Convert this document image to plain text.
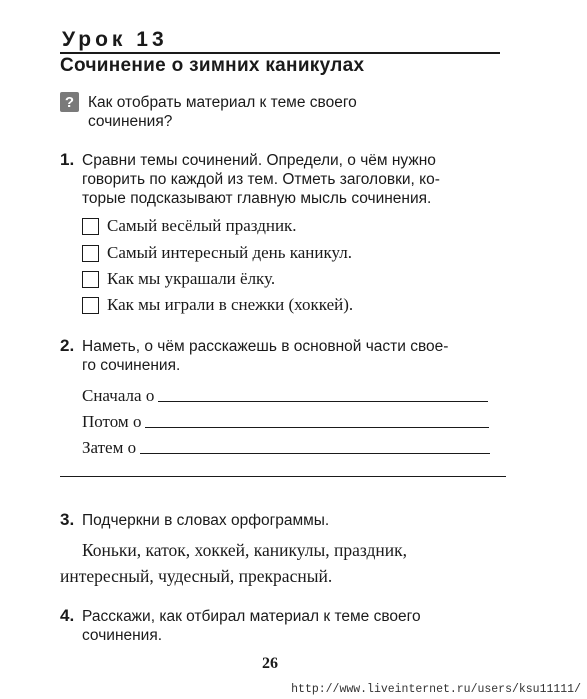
Урок 13
Сочинение о зимних каникулах
? Как отобрать материал к теме своего
сочинения?
1. Сравни темы сочинений. Определи, о чём нужно
говорить по каждой из тем. Отметь заголовки, ко-
торые подсказывают главную мысль сочинения.
Самый весёлый праздник.
Самый интересный день каникул.
Как мы украшали ёлку.
Как мы играли в снежки (хоккей).
2. Наметь, о чём расскажешь в основной части свое-
го сочинения.
Сначала о
Потом о
Затем о
3. Подчеркни в словах орфограммы.
Коньки, каток, хоккей, каникулы, праздник,
интересный, чудесный, прекрасный.
4. Расскажи, как отбирал материал к теме своего
сочинения.
26
http://www.liveinternet.ru/users/ksu11111/
